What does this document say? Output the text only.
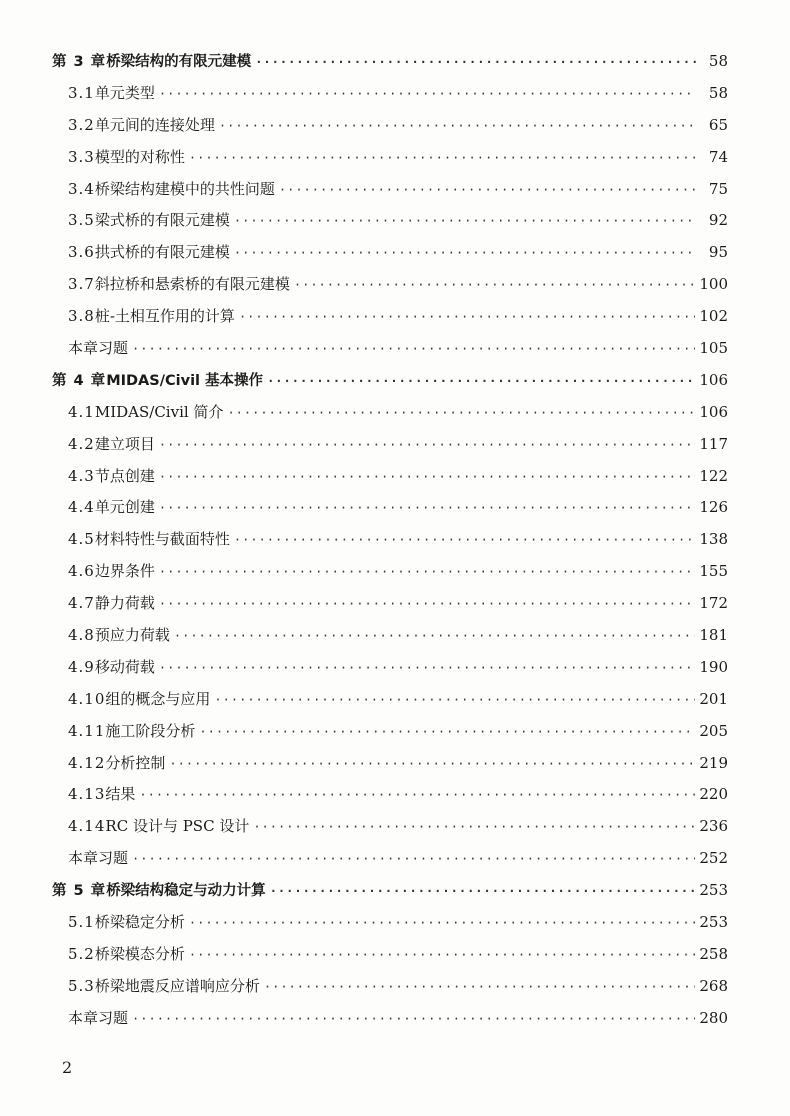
第 3 章 桥梁结构的有限元建模 ·····	58
3.1 单元类型 ·····	58
3.2 单元间的连接处理 ·····	65
3.3 模型的对称性 ·····	74
3.4 桥梁结构建模中的共性问题 ·····	75
3.5 梁式桥的有限元建模 ·····	92
3.6 拱式桥的有限元建模 ·····	95
3.7 斜拉桥和悬索桥的有限元建模 ·····	100
3.8 桩-土相互作用的计算 ·····	102
本章习题 ·····	105
第 4 章 MIDAS/Civil 基本操作 ·····	106
4.1 MIDAS/Civil 简介 ·····	106
4.2 建立项目 ·····	117
4.3 节点创建 ·····	122
4.4 单元创建 ·····	126
4.5 材料特性与截面特性 ·····	138
4.6 边界条件 ·····	155
4.7 静力荷载 ·····	172
4.8 预应力荷载 ·····	181
4.9 移动荷载 ·····	190
4.10 组的概念与应用 ·····	201
4.11 施工阶段分析 ·····	205
4.12 分析控制 ·····	219
4.13 结果 ·····	220
4.14 RC 设计与 PSC 设计 ·····	236
本章习题 ·····	252
第 5 章 桥梁结构稳定与动力计算 ·····	253
5.1 桥梁稳定分析 ·····	253
5.2 桥梁模态分析 ·····	258
5.3 桥梁地震反应谱响应分析 ·····	268
本章习题 ·····	280
2
